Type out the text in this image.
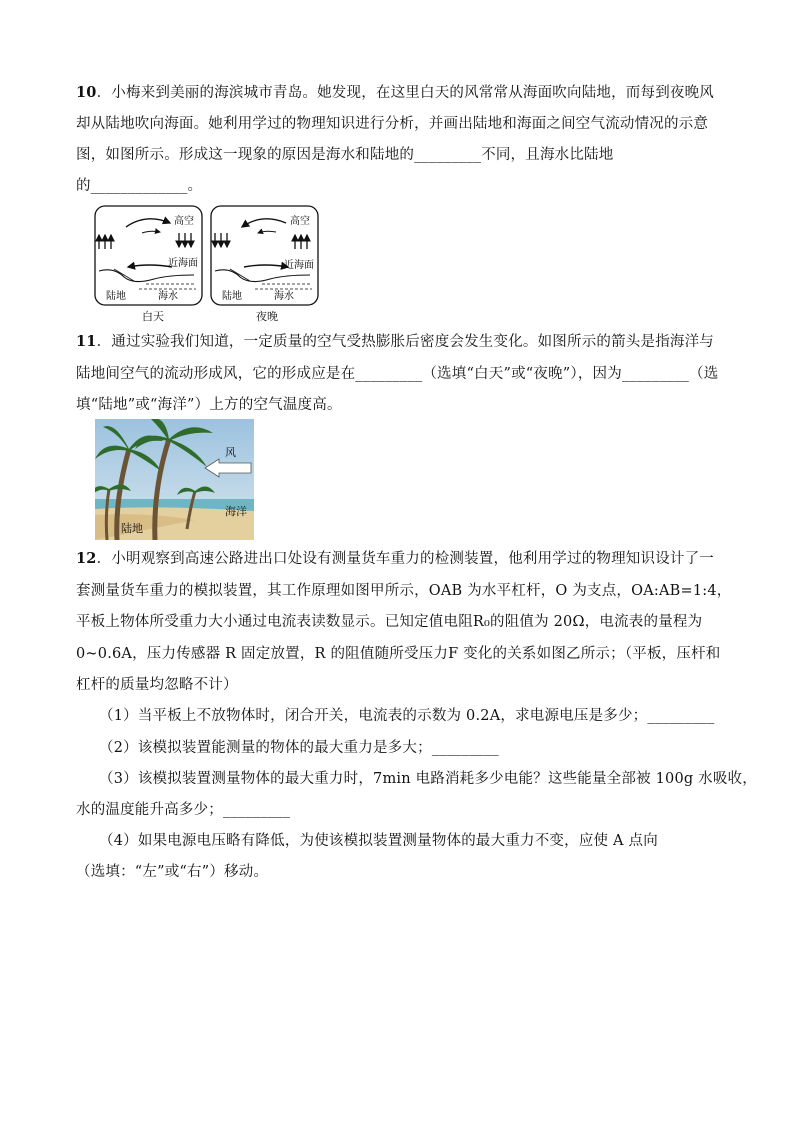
10．小梅来到美丽的海滨城市青岛。她发现，在这里白天的风常常从海面吹向陆地，而每到夜晚风
却从陆地吹向海面。她利用学过的物理知识进行分析，并画出陆地和海面之间空气流动情况的示意
图，如图所示。形成这一现象的原因是海水和陆地的_________不同，且海水比陆地
的_____________。
高空
近海面
陆地	海水
高空
近海面
陆地	海水
白天	夜晚
11．通过实验我们知道，一定质量的空气受热膨胀后密度会发生变化。如图所示的箭头是指海洋与
陆地间空气的流动形成风，它的形成应是在_________（选填“白天”或“夜晚”），因为_________（选
填“陆地”或“海洋”）上方的空气温度高。
风
海洋
陆地
12．小明观察到高速公路进出口处设有测量货车重力的检测装置，他利用学过的物理知识设计了一
套测量货车重力的模拟装置，其工作原理如图甲所示，OAB 为水平杠杆，O 为支点，OA:AB=1:4，
平板上物体所受重力大小通过电流表读数显示。已知定值电阻R₀的阻值为 20Ω，电流表的量程为
0~0.6A，压力传感器 R 固定放置，R 的阻值随所受压力F 变化的关系如图乙所示；（平板，压杆和
杠杆的质量均忽略不计）
（1）当平板上不放物体时，闭合开关，电流表的示数为 0.2A，求电源电压是多少；_________
（2）该模拟装置能测量的物体的最大重力是多大；_________
（3）该模拟装置测量物体的最大重力时，7min 电路消耗多少电能？这些能量全部被 100g 水吸收，
水的温度能升高多少；_________
（4）如果电源电压略有降低，为使该模拟装置测量物体的最大重力不变，应使 A 点向
（选填：“左”或“右”）移动。
